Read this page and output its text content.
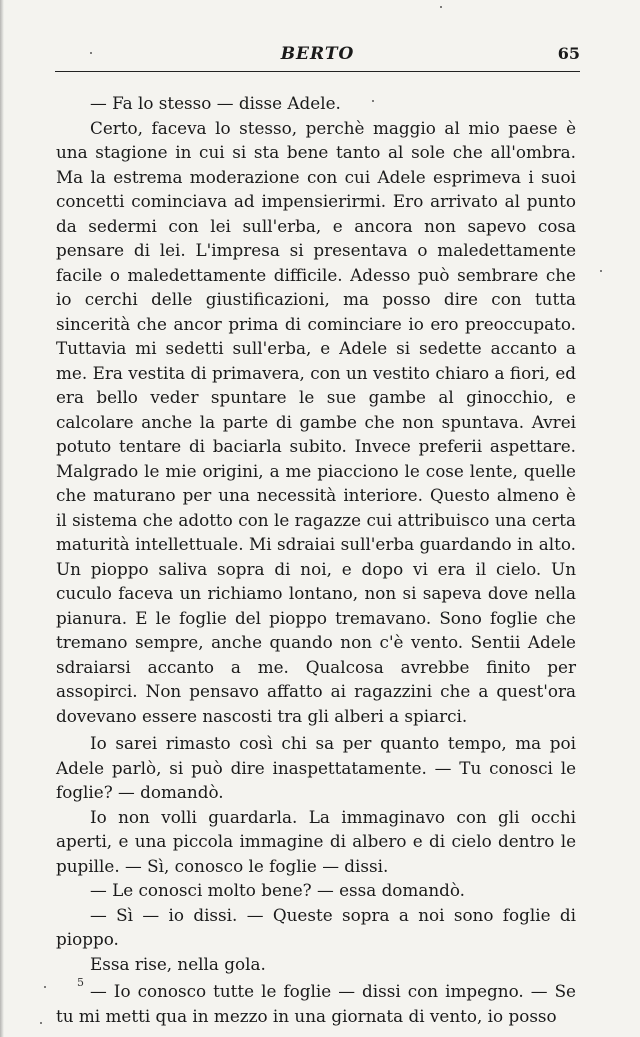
BERTO	65

— Fa lo stesso — disse Adele.

Certo, faceva lo stesso, perchè maggio al mio paese è una stagione in cui si sta bene tanto al sole che all'ombra. Ma la estrema moderazione con cui Adele esprimeva i suoi concetti cominciava ad impensierirmi. Ero arrivato al punto da sedermi con lei sull'erba, e ancora non sapevo cosa pensare di lei. L'impresa si presentava o maledettamente facile o maledettamente difficile. Adesso può sembrare che io cerchi delle giustificazioni, ma posso dire con tutta sincerità che ancor prima di cominciare io ero preoccupato. Tuttavia mi sedetti sull'erba, e Adele si sedette accanto a me. Era vestita di primavera, con un vestito chiaro a fiori, ed era bello veder spuntare le sue gambe al ginocchio, e calcolare anche la parte di gambe che non spuntava. Avrei potuto tentare di baciarla subito. Invece preferii aspettare. Malgrado le mie origini, a me piacciono le cose lente, quelle che maturano per una necessità interiore. Questo almeno è il sistema che adotto con le ragazze cui attribuisco una certa maturità intellettuale. Mi sdraiai sull'erba guardando in alto. Un pioppo saliva sopra di noi, e dopo vi era il cielo. Un cuculo faceva un richiamo lontano, non si sapeva dove nella pianura. E le foglie del pioppo tremavano. Sono foglie che tremano sempre, anche quando non c'è vento. Sentii Adele sdraiarsi accanto a me. Qualcosa avrebbe finito per assopirci. Non pensavo affatto ai ragazzini che a quest'ora dovevano essere nascosti tra gli alberi a spiarci.

Io sarei rimasto così chi sa per quanto tempo, ma poi Adele parlò, si può dire inaspettatamente. — Tu conosci le foglie? — domandò.

Io non volli guardarla. La immaginavo con gli occhi aperti, e una piccola immagine di albero e di cielo dentro le pupille. — Sì, conosco le foglie — dissi.

— Le conosci molto bene? — essa domandò.

— Sì — io dissi. — Queste sopra a noi sono foglie di pioppo.

Essa rise, nella gola.

— Io conosco tutte le foglie — dissi con impegno. — Se tu mi metti qua in mezzo in una giornata di vento, io posso

5
